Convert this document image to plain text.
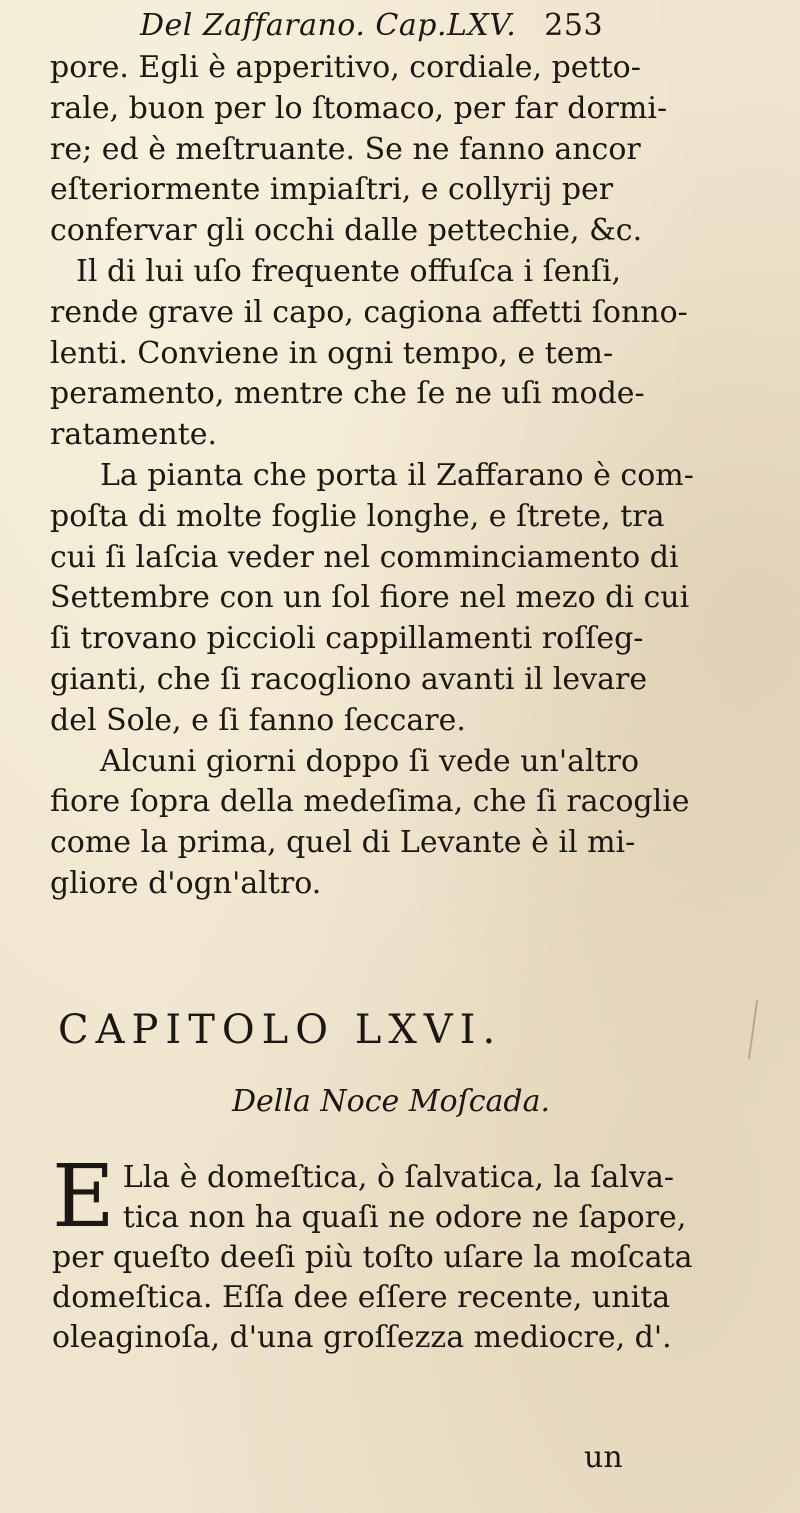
Del Zaffarano. Cap.LXV. 253
pore. Egli è apperitivo, cordiale, petto-
rale, buon per lo ſtomaco, per far dormi-
re; ed è meſtruante. Se ne fanno ancor
eſteriormente impiaſtri, e collyrij per
confervar gli occhi dalle pettechie, &c.
Il di lui uſo frequente offuſca i ſenſi,
rende grave il capo, cagiona affetti ſonno-
lenti. Conviene in ogni tempo, e tem-
peramento, mentre che ſe ne uſi mode-
ratamente.
La pianta che porta il Zaffarano è com-
poſta di molte foglie longhe, e ſtrete, tra
cui ſi laſcia veder nel comminciamento di
Settembre con un ſol fiore nel mezo di cui
ſi trovano piccioli cappillamenti roſſeg-
gianti, che ſi racogliono avanti il levare
del Sole, e ſi fanno ſeccare.
Alcuni giorni doppo ſi vede un'altro
fiore ſopra della medeſima, che ſi racoglie
come la prima, quel di Levante è il mi-
gliore d'ogn'altro.
CAPITOLO LXVI.
Della Noce Moſcada.
E Lla è domeſtica, ò ſalvatica, la ſalva-
tica non ha quaſi ne odore ne ſapore,
per queſto deeſi più toſto uſare la moſcata
domeſtica. Eſſa dee eſſere recente, unita
oleaginoſa, d'una groſſezza mediocre, d'.
un
